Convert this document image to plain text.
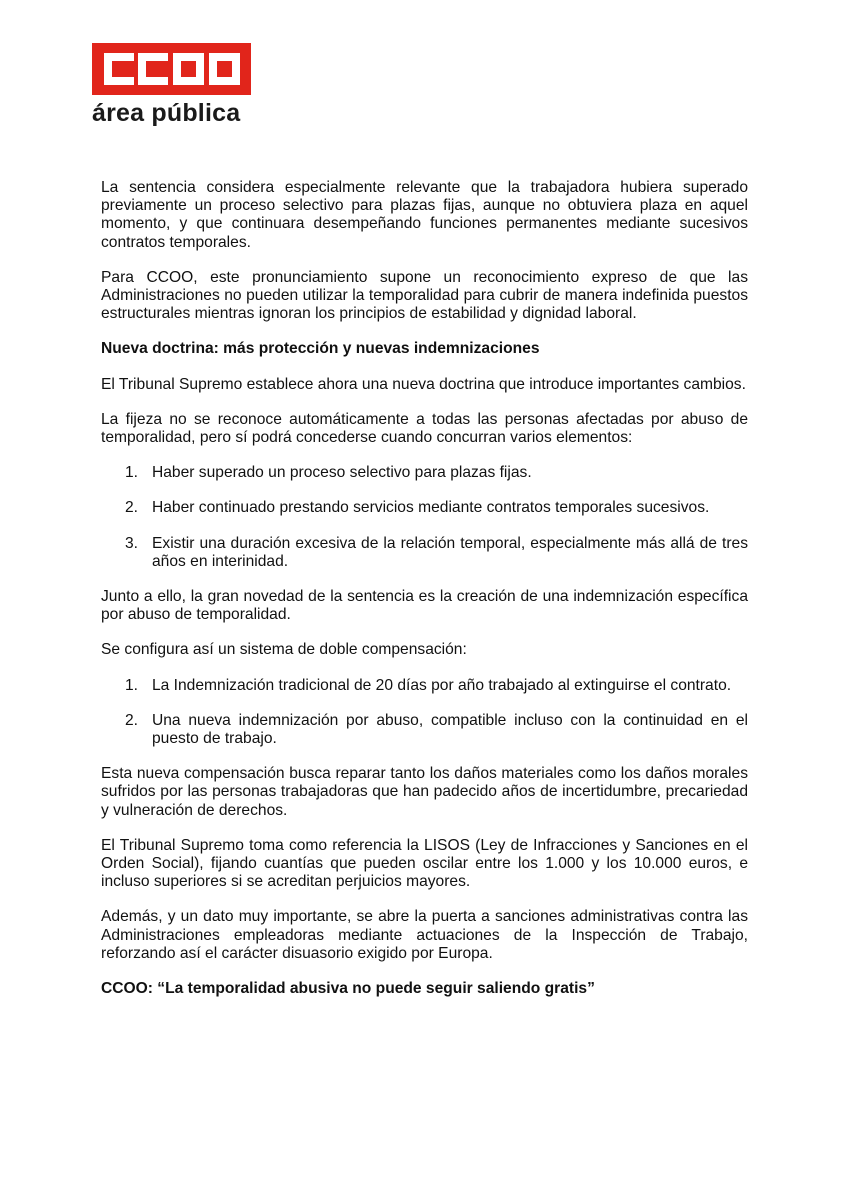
área pública

La sentencia considera especialmente relevante que la trabajadora hubiera superado previamente un proceso selectivo para plazas fijas, aunque no obtuviera plaza en aquel momento, y que continuara desempeñando funciones permanentes mediante sucesivos contratos temporales.

Para CCOO, este pronunciamiento supone un reconocimiento expreso de que las Administraciones no pueden utilizar la temporalidad para cubrir de manera indefinida puestos estructurales mientras ignoran los principios de estabilidad y dignidad laboral.

Nueva doctrina: más protección y nuevas indemnizaciones

El Tribunal Supremo establece ahora una nueva doctrina que introduce importantes cambios.

La fijeza no se reconoce automáticamente a todas las personas afectadas por abuso de temporalidad, pero sí podrá concederse cuando concurran varios elementos:

1. Haber superado un proceso selectivo para plazas fijas.
2. Haber continuado prestando servicios mediante contratos temporales sucesivos.
3. Existir una duración excesiva de la relación temporal, especialmente más allá de tres años en interinidad.

Junto a ello, la gran novedad de la sentencia es la creación de una indemnización específica por abuso de temporalidad.

Se configura así un sistema de doble compensación:

1. La Indemnización tradicional de 20 días por año trabajado al extinguirse el contrato.
2. Una nueva indemnización por abuso, compatible incluso con la continuidad en el puesto de trabajo.

Esta nueva compensación busca reparar tanto los daños materiales como los daños morales sufridos por las personas trabajadoras que han padecido años de incertidumbre, precariedad y vulneración de derechos.

El Tribunal Supremo toma como referencia la LISOS (Ley de Infracciones y Sanciones en el Orden Social), fijando cuantías que pueden oscilar entre los 1.000 y los 10.000 euros, e incluso superiores si se acreditan perjuicios mayores.

Además, y un dato muy importante, se abre la puerta a sanciones administrativas contra las Administraciones empleadoras mediante actuaciones de la Inspección de Trabajo, reforzando así el carácter disuasorio exigido por Europa.

CCOO: “La temporalidad abusiva no puede seguir saliendo gratis”
